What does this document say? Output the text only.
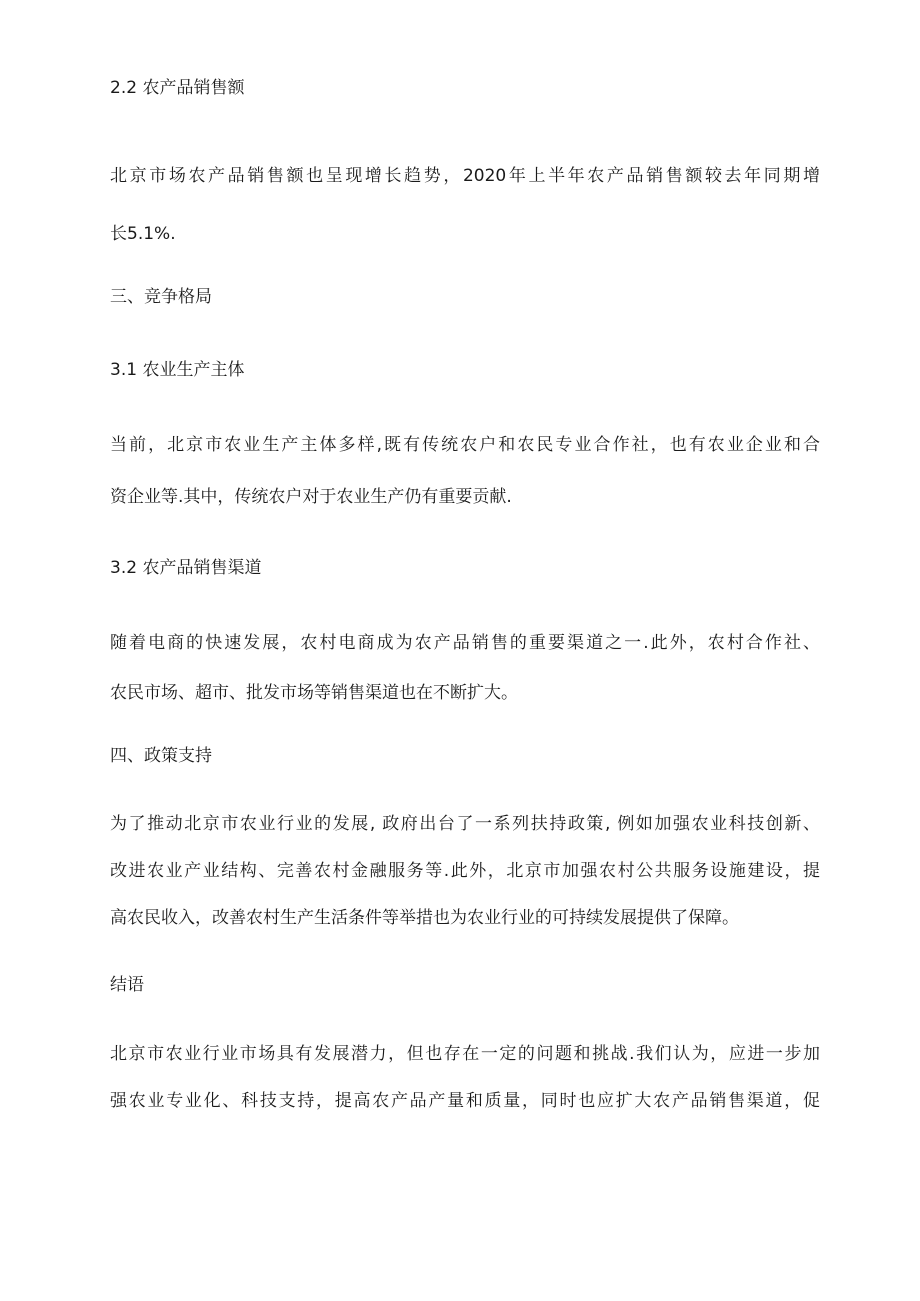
2.2 农产品销售额
北京市场农产品销售额也呈现增长趋势，2020年上半年农产品销售额较去年同期增
长5.1%.
三、竞争格局
3.1 农业生产主体
当前，北京市农业生产主体多样,既有传统农户和农民专业合作社，也有农业企业和合
资企业等.其中，传统农户对于农业生产仍有重要贡献.
3.2 农产品销售渠道
随着电商的快速发展，农村电商成为农产品销售的重要渠道之一.此外，农村合作社、
农民市场、超市、批发市场等销售渠道也在不断扩大。
四、政策支持
为了推动北京市农业行业的发展, 政府出台了一系列扶持政策, 例如加强农业科技创新、
改进农业产业结构、完善农村金融服务等.此外，北京市加强农村公共服务设施建设，提
高农民收入，改善农村生产生活条件等举措也为农业行业的可持续发展提供了保障。
结语
北京市农业行业市场具有发展潜力，但也存在一定的问题和挑战.我们认为，应进一步加
强农业专业化、科技支持，提高农产品产量和质量，同时也应扩大农产品销售渠道，促
